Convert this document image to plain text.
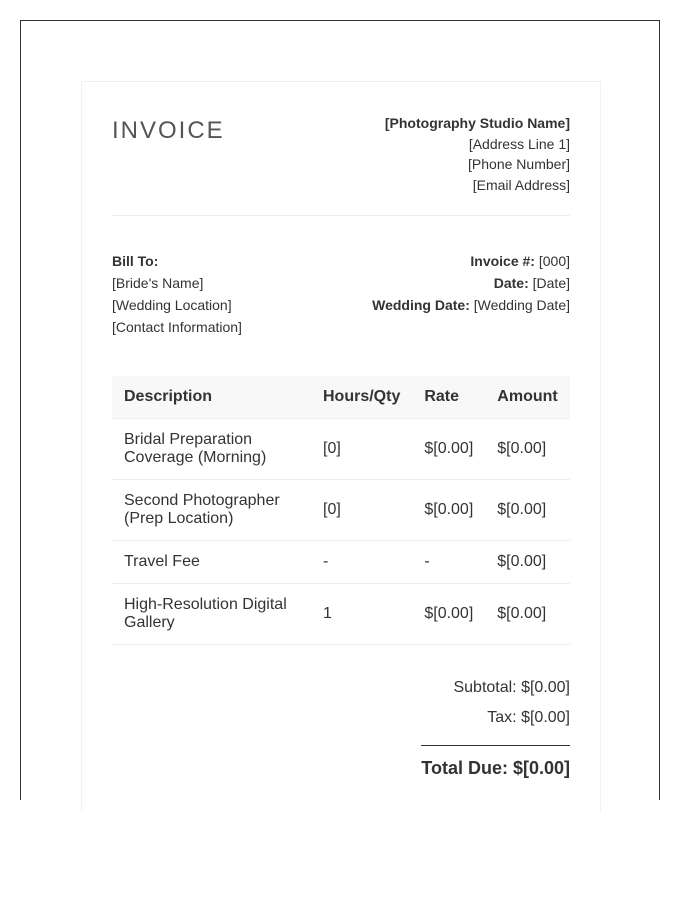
INVOICE	[Photography Studio Name]
[Address Line 1]
[Phone Number]
[Email Address]
Bill To:
[Bride's Name]
[Wedding Location]
[Contact Information]
Invoice #: [000]
Date: [Date]
Wedding Date: [Wedding Date]
Description	Hours/Qty	Rate	Amount
Bridal Preparation Coverage (Morning)	[0]	$[0.00]	$[0.00]
Second Photographer (Prep Location)	[0]	$[0.00]	$[0.00]
Travel Fee	-	-	$[0.00]
High-Resolution Digital Gallery	1	$[0.00]	$[0.00]
Subtotal: $[0.00]
Tax: $[0.00]
Total Due: $[0.00]
